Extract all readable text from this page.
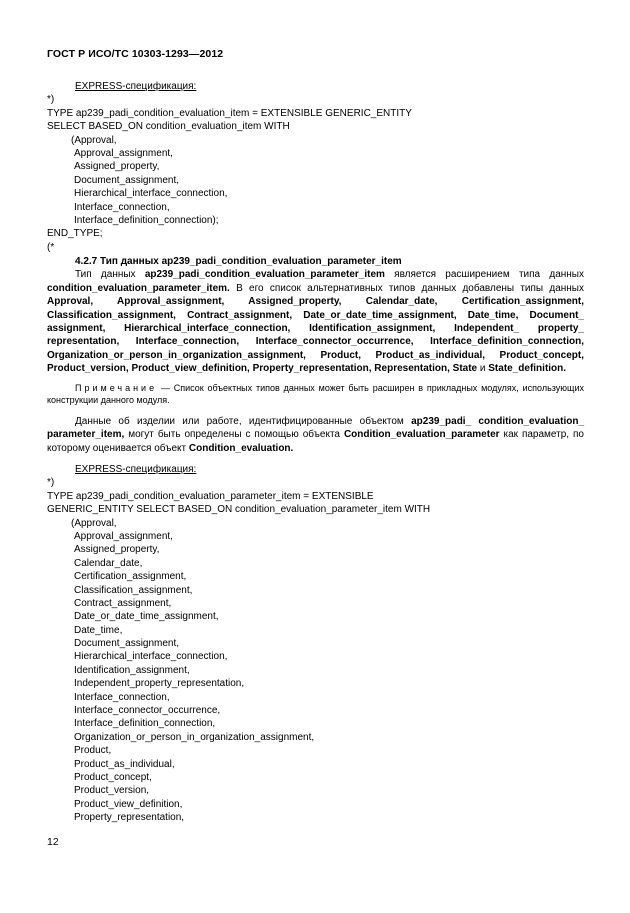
ГОСТ Р ИСО/ТС 10303-1293—2012
EXPRESS-спецификация:
*)
TYPE ap239_padi_condition_evaluation_item = EXTENSIBLE GENERIC_ENTITY
SELECT BASED_ON condition_evaluation_item WITH
(Approval,
Approval_assignment,
Assigned_property,
Document_assignment,
Hierarchical_interface_connection,
Interface_connection,
Interface_definition_connection);
END_TYPE;
(*
4.2.7 Тип данных ap239_padi_condition_evaluation_parameter_item
Тип данных ap239_padi_condition_evaluation_parameter_item является расширением типа данных condition_evaluation_parameter_item. В его список альтернативных типов данных добавлены типы данных Approval, Approval_assignment, Assigned_property, Calendar_date, Certification_assignment, Classification_assignment, Contract_assignment, Date_or_date_time_assignment, Date_time, Document_ assignment, Hierarchical_interface_connection, Identification_assignment, Independent_ property_ representation, Interface_connection, Interface_connector_occurrence, Interface_definition_connection, Organization_or_person_in_organization_assignment, Product, Product_as_individual, Product_concept, Product_version, Product_view_definition, Property_representation, Representation, State и State_definition.
Примечание — Список объектных типов данных может быть расширен в прикладных модулях, использующих конструкции данного модуля.
Данные об изделии или работе, идентифицированные объектом ap239_padi_ condition_evaluation_ parameter_item, могут быть определены с помощью объекта Condition_evaluation_parameter как параметр, по которому оценивается объект Condition_evaluation.
EXPRESS-спецификация:
*)
TYPE ap239_padi_condition_evaluation_parameter_item = EXTENSIBLE
GENERIC_ENTITY SELECT BASED_ON condition_evaluation_parameter_item WITH
(Approval,
Approval_assignment,
Assigned_property,
Calendar_date,
Certification_assignment,
Classification_assignment,
Contract_assignment,
Date_or_date_time_assignment,
Date_time,
Document_assignment,
Hierarchical_interface_connection,
Identification_assignment,
Independent_property_representation,
Interface_connection,
Interface_connector_occurrence,
Interface_definition_connection,
Organization_or_person_in_organization_assignment,
Product,
Product_as_individual,
Product_concept,
Product_version,
Product_view_definition,
Property_representation,
12
